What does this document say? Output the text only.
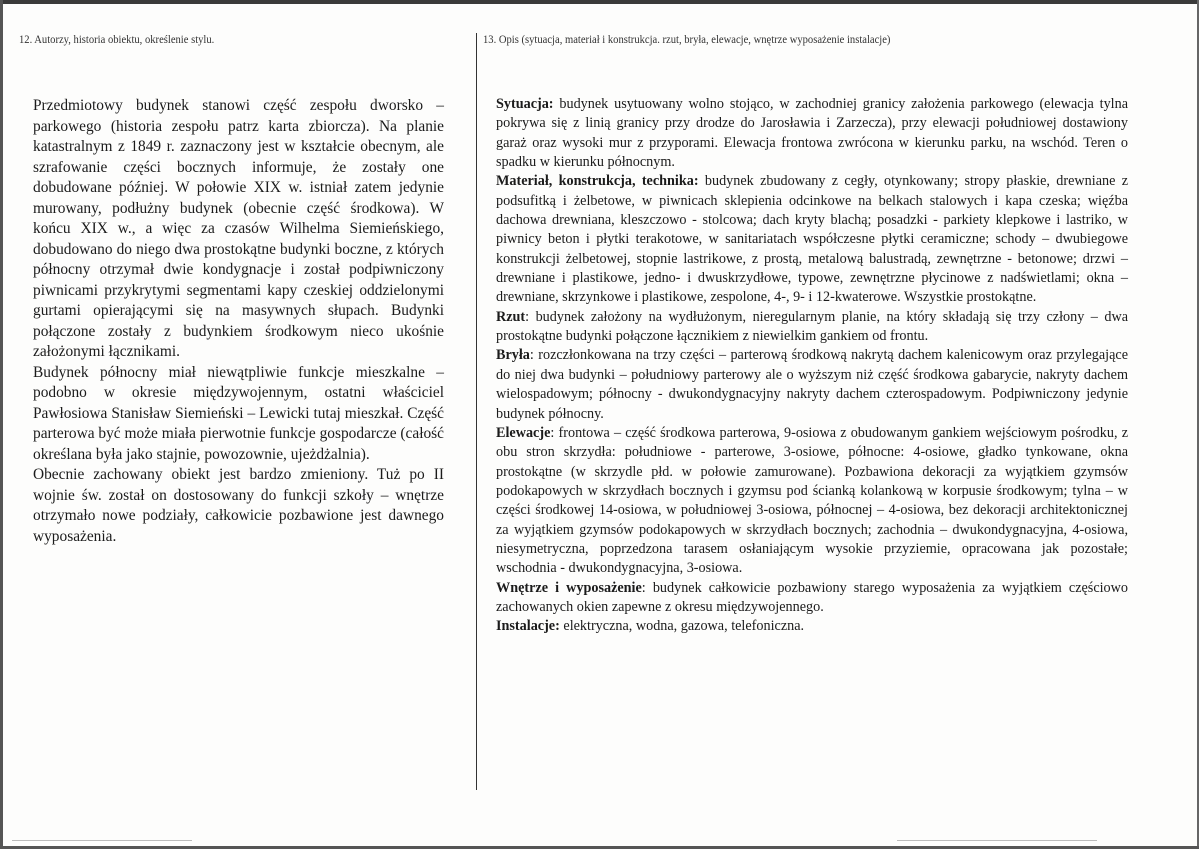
12. Autorzy, historia obiektu, określenie stylu.	13. Opis (sytuacja, materiał i konstrukcja. rzut, bryła, elewacje, wnętrze wyposażenie instalacje)

Przedmiotowy budynek stanowi część zespołu dworsko – parkowego (historia zespołu patrz karta zbiorcza). Na planie katastralnym z 1849 r. zaznaczony jest w kształcie obecnym, ale szrafowanie części bocznych informuje, że zostały one dobudowane później. W połowie XIX w. istniał zatem jedynie murowany, podłużny budynek (obecnie część środkowa). W końcu XIX w., a więc za czasów Wilhelma Siemieńskiego, dobudowano do niego dwa prostokątne budynki boczne, z których północny otrzymał dwie kondygnacje i został podpiwniczony piwnicami przykrytymi segmentami kapy czeskiej oddzielonymi gurtami opierającymi się na masywnych słupach. Budynki połączone zostały z budynkiem środkowym nieco ukośnie założonymi łącznikami.

Budynek północny miał niewątpliwie funkcje mieszkalne – podobno w okresie międzywojennym, ostatni właściciel Pawłosiowa Stanisław Siemieński – Lewicki tutaj mieszkał. Część parterowa być może miała pierwotnie funkcje gospodarcze (całość określana była jako stajnie, powozownie, ujeżdżalnia).

Obecnie zachowany obiekt jest bardzo zmieniony. Tuż po II wojnie św. został on dostosowany do funkcji szkoły – wnętrze otrzymało nowe podziały, całkowicie pozbawione jest dawnego wyposażenia.

Sytuacja: budynek usytuowany wolno stojąco, w zachodniej granicy założenia parkowego (elewacja tylna pokrywa się z linią granicy przy drodze do Jarosławia i Zarzecza), przy elewacji południowej dostawiony garaż oraz wysoki mur z przyporami. Elewacja frontowa zwrócona w kierunku parku, na wschód. Teren o spadku w kierunku północnym.

Materiał, konstrukcja, technika: budynek zbudowany z cegły, otynkowany; stropy płaskie, drewniane z podsufitką i żelbetowe, w piwnicach sklepienia odcinkowe na belkach stalowych i kapa czeska; więźba dachowa drewniana, kleszczowo - stolcowa; dach kryty blachą; posadzki - parkiety klepkowe i lastriko, w piwnicy beton i płytki terakotowe, w sanitariatach współczesne płytki ceramiczne; schody – dwubiegowe konstrukcji żelbetowej, stopnie lastrikowe, z prostą, metalową balustradą, zewnętrzne - betonowe; drzwi – drewniane i plastikowe, jedno- i dwuskrzydłowe, typowe, zewnętrzne płycinowe z nadświetlami; okna – drewniane, skrzynkowe i plastikowe, zespolone, 4-, 9- i 12-kwaterowe. Wszystkie prostokątne.

Rzut: budynek założony na wydłużonym, nieregularnym planie, na który składają się trzy człony – dwa prostokątne budynki połączone łącznikiem z niewielkim gankiem od frontu.

Bryła: rozczłonkowana na trzy części – parterową środkową nakrytą dachem kalenicowym oraz przylegające do niej dwa budynki – południowy parterowy ale o wyższym niż część środkowa gabarycie, nakryty dachem wielospadowym; północny - dwukondygnacyjny nakryty dachem czterospadowym. Podpiwniczony jedynie budynek północny.

Elewacje: frontowa – część środkowa parterowa, 9-osiowa z obudowanym gankiem wejściowym pośrodku, z obu stron skrzydła: południowe - parterowe, 3-osiowe, północne: 4-osiowe, gładko tynkowane, okna prostokątne (w skrzydle płd. w połowie zamurowane). Pozbawiona dekoracji za wyjątkiem gzymsów podokapowych w skrzydłach bocznych i gzymsu pod ścianką kolankową w korpusie środkowym; tylna – w części środkowej 14-osiowa, w południowej 3-osiowa, północnej – 4-osiowa, bez dekoracji architektonicznej za wyjątkiem gzymsów podokapowych w skrzydłach bocznych; zachodnia – dwukondygnacyjna, 4-osiowa, niesymetryczna, poprzedzona tarasem osłaniającym wysokie przyziemie, opracowana jak pozostałe; wschodnia - dwukondygnacyjna, 3-osiowa.

Wnętrze i wyposażenie: budynek całkowicie pozbawiony starego wyposażenia za wyjątkiem częściowo zachowanych okien zapewne z okresu międzywojennego.

Instalacje: elektryczna, wodna, gazowa, telefoniczna.
